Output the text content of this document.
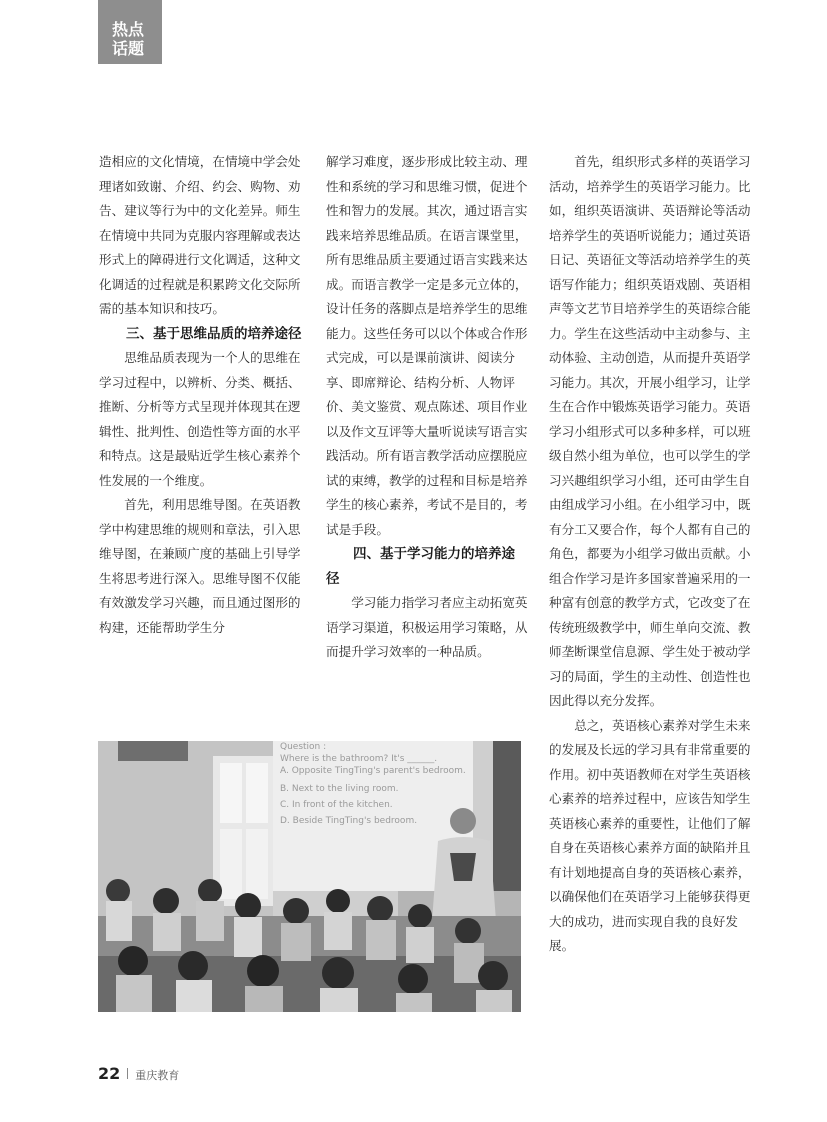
热点
话题

造相应的文化情境，在情境中学会处理诸如致谢、介绍、约会、购物、劝告、建议等行为中的文化差异。师生在情境中共同为克服内容理解或表达形式上的障碍进行文化调适，这种文化调适的过程就是积累跨文化交际所需的基本知识和技巧。

三、基于思维品质的培养途径

思维品质表现为一个人的思维在学习过程中，以辨析、分类、概括、推断、分析等方式呈现并体现其在逻辑性、批判性、创造性等方面的水平和特点。这是最贴近学生核心素养个性发展的一个维度。

首先，利用思维导图。在英语教学中构建思维的规则和章法，引入思维导图，在兼顾广度的基础上引导学生将思考进行深入。思维导图不仅能有效激发学习兴趣，而且通过图形的构建，还能帮助学生分

解学习难度，逐步形成比较主动、理性和系统的学习和思维习惯，促进个性和智力的发展。其次，通过语言实践来培养思维品质。在语言课堂里，所有思维品质主要通过语言实践来达成。而语言教学一定是多元立体的，设计任务的落脚点是培养学生的思维能力。这些任务可以以个体或合作形式完成，可以是课前演讲、阅读分享、即席辩论、结构分析、人物评价、美文鉴赏、观点陈述、项目作业以及作文互评等大量听说读写语言实践活动。所有语言教学活动应摆脱应试的束缚，教学的过程和目标是培养学生的核心素养，考试不是目的，考试是手段。

四、基于学习能力的培养途径

学习能力指学习者应主动拓宽英语学习渠道，积极运用学习策略，从而提升学习效率的一种品质。

首先，组织形式多样的英语学习活动，培养学生的英语学习能力。比如，组织英语演讲、英语辩论等活动培养学生的英语听说能力；通过英语日记、英语征文等活动培养学生的英语写作能力；组织英语戏剧、英语相声等文艺节目培养学生的英语综合能力。学生在这些活动中主动参与、主动体验、主动创造，从而提升英语学习能力。其次，开展小组学习，让学生在合作中锻炼英语学习能力。英语学习小组形式可以多种多样，可以班级自然小组为单位，也可以学生的学习兴趣组织学习小组，还可由学生自由组成学习小组。在小组学习中，既有分工又要合作，每个人都有自己的角色，都要为小组学习做出贡献。小组合作学习是许多国家普遍采用的一种富有创意的教学方式，它改变了在传统班级教学中，师生单向交流、教师垄断课堂信息源、学生处于被动学习的局面，学生的主动性、创造性也因此得以充分发挥。

总之，英语核心素养对学生未来的发展及长远的学习具有非常重要的作用。初中英语教师在对学生英语核心素养的培养过程中，应该告知学生英语核心素养的重要性，让他们了解自身在英语核心素养方面的缺陷并且有计划地提高自身的英语核心素养，以确保他们在英语学习上能够获得更大的成功，进而实现自我的良好发展。

Question :
Where is the bathroom? It's ______.
A. Opposite TingTing's parent's bedroom.
B. Next to the living room.
C. In front of the kitchen.
D. Beside TingTing's bedroom.
22 重庆教育
